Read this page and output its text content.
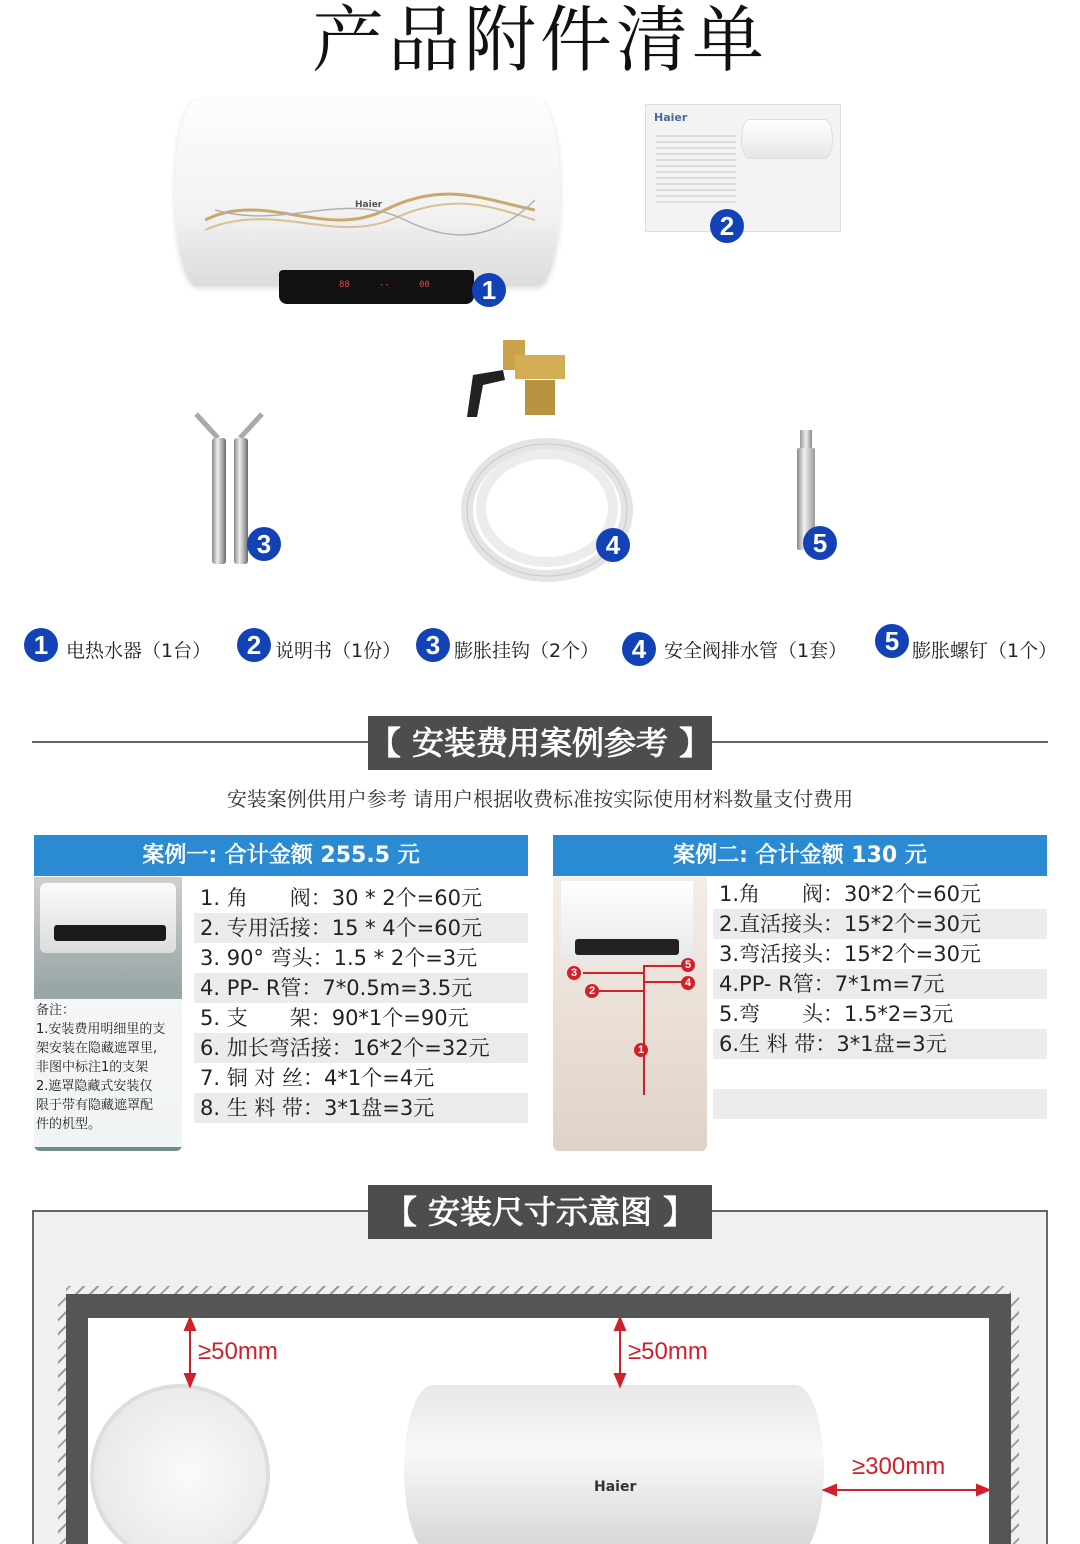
产品附件清单
Haier
88	--	00	1
Haier
2
3	4	5
1 电热水器（1台）	2 说明书（1份） 3 膨胀挂钩（2个）	4 安全阀排水管（1套）	5 膨胀螺钉（1个）
【 安装费用案例参考 】
安装案例供用户参考 请用户根据收费标准按实际使用材料数量支付费用
案例一: 合计金额 255.5 元
备注：
1.安装费用明细里的支
架安装在隐藏遮罩里,
非图中标注1的支架
2.遮罩隐藏式安装仅
限于带有隐藏遮罩配
件的机型。
1. 角　　阀：30 * 2个=60元
2. 专用活接：15 * 4个=60元
3. 90° 弯头：1.5 * 2个=3元
4. PP- R管：7*0.5m=3.5元
5. 支　　架：90*1个=90元
6. 加长弯活接：16*2个=32元
7. 铜 对 丝：4*1个=4元
8. 生 料 带：3*1盘=3元
案例二: 合计金额 130 元
3
2
5
4
1
1.角　　阀：30*2个=60元
2.直活接头：15*2个=30元
3.弯活接头：15*2个=30元
4.PP- R管：7*1m=7元
5.弯　　头：1.5*2=3元
6.生 料 带：3*1盘=3元
【 安装尺寸示意图 】
Haier
≥50mm	≥50mm
≥300mm
